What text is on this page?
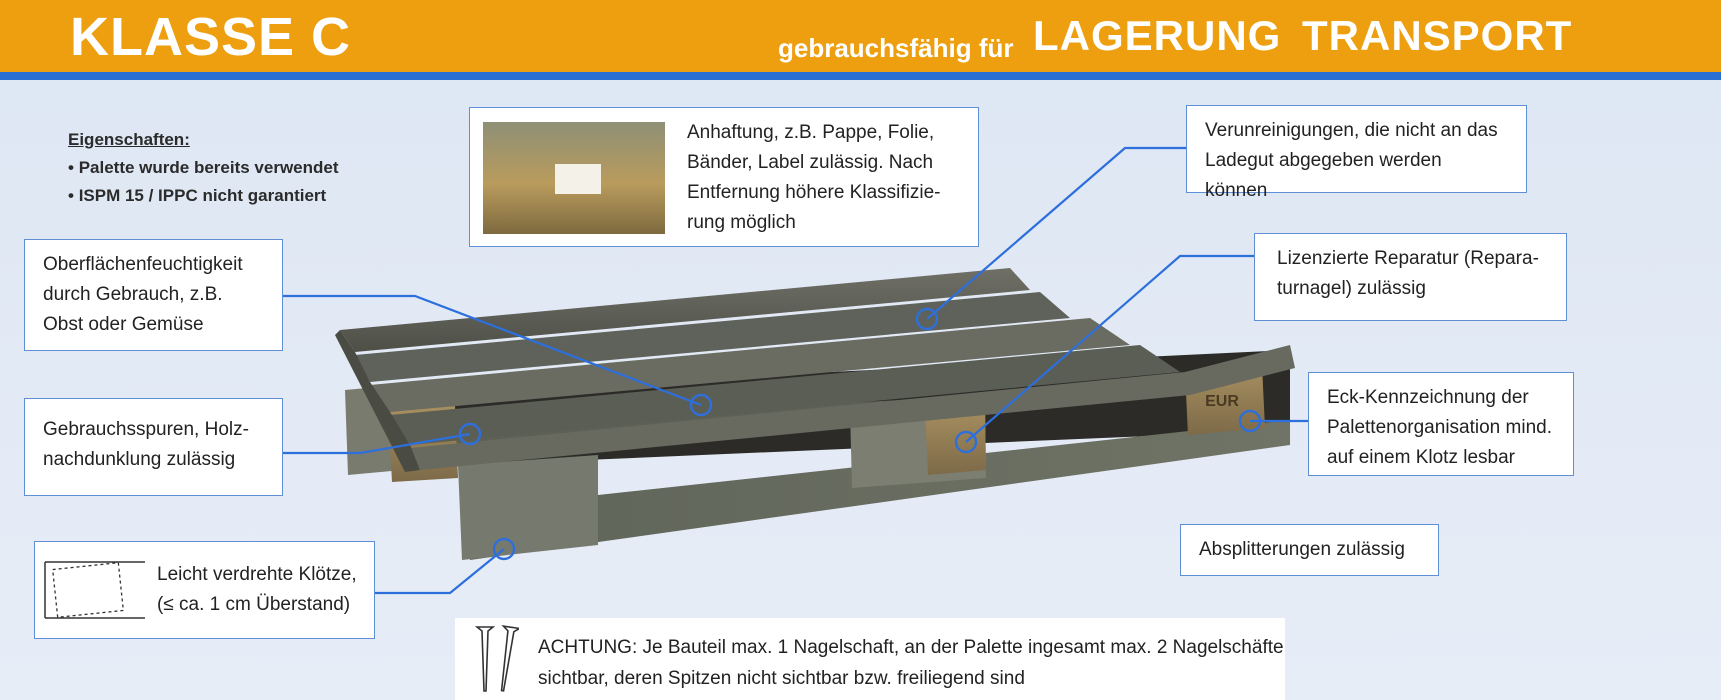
KLASSE C	gebrauchsfähig für LAGERUNG TRANSPORT
Eigenschaften:
• Palette wurde bereits verwendet
• ISPM 15 / IPPC nicht garantiert
EUR
Anhaftung, z.B. Pappe, Folie, Bänder, Label zulässig. Nach Entfernung höhere Klassifizie-rung möglich
Verunreinigungen, die nicht an das Ladegut abgegeben werden können
Oberflächenfeuchtigkeit durch Gebrauch, z.B. Obst oder Gemüse
Lizenzierte Reparatur (Repara-turnagel) zulässig
Gebrauchsspuren, Holz-nachdunklung zulässig
Eck-Kennzeichnung der Palettenorganisation mind. auf einem Klotz lesbar
Absplitterungen zulässig
Leicht verdrehte Klötze, (≤ ca. 1 cm Überstand)
ACHTUNG: Je Bauteil max. 1 Nagelschaft, an der Palette ingesamt max. 2 Nagelschäfte sichtbar, deren Spitzen nicht sichtbar bzw. freiliegend sind
